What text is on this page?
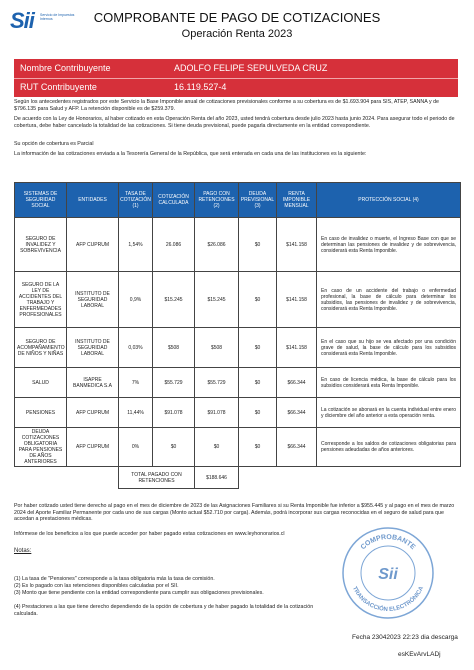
Sii Servicio de Impuestos Internos	COMPROBANTE DE PAGO DE COTIZACIONES
Operación Renta 2023
Nombre Contribuyente	ADOLFO FELIPE SEPULVEDA CRUZ
RUT Contribuyente	16.119.527-4
Según los antecedentes registrados por este Servicio la Base Imponible anual de cotizaciones previsionales conforme a su cobertura es de $1.693.904 para SIS, ATEP, SANNA y de $796.135 para Salud y AFP. La retención disponible es de $259.379.
De acuerdo con la Ley de Honorarios, al haber cotizado en esta Operación Renta del año 2023, usted tendrá cobertura desde julio 2023 hasta junio 2024. Para asegurar todo el periodo de cobertura, debe haber cancelado la totalidad de las cotizaciones. Si tiene deuda previsional, puede pagarla directamente en la entidad correspondiente.
Su opción de cobertura es Parcial
La información de las cotizaciones enviada a la Tesorería General de la República, que será enterada en cada una de las instituciones es la siguiente:
SISTEMAS DE SEGURIDAD SOCIAL	ENTIDADES	TASA DE COTIZACIÓN (1)	COTIZACIÓN CALCULADA	PAGO CON RETENCIONES (2)	DEUDA PREVISIONAL (3)	RENTA IMPONIBLE MENSUAL	PROTECCIÓN SOCIAL (4)
SEGURO DE INVALIDEZ Y SOBREVIVENCIA	AFP CUPRUM	1,54%	26.086	$26.086	$0	$141.158	En caso de invalidez o muerte, el Ingreso Base con que se determinan las pensiones de invalidez y de sobrevivencia, considerará esta Renta Imponible.
SEGURO DE LA LEY DE ACCIDENTES DEL TRABAJO Y ENFERMEDADES PROFESIONALES	INSTITUTO DE SEGURIDAD LABORAL	0,9%	$15.245	$15.245	$0	$141.158	En caso de un accidente del trabajo o enfermedad profesional, la base de cálculo para determinar los subsidios, las pensiones de invalidez y de sobrevivencia, considerará esta Renta Imponible.
SEGURO DE ACOMPAÑAMIENTO DE NIÑOS Y NIÑAS	INSTITUTO DE SEGURIDAD LABORAL	0,03%	$508	$508	$0	$141.158	En el caso que su hijo se vea afectado por una condición grave de salud, la base de cálculo para los subsidios considerará esta Renta Imponible.
SALUD	ISAPRE BANMEDICA S.A	7%	$55.729	$55.729	$0	$66.344	En caso de licencia médica, la base de cálculo para los subsidios considerará esta Renta Imponible.
PENSIONES	AFP CUPRUM	11,44%	$91.078	$91.078	$0	$66.344	La cotización se abonará en la cuenta individual entre enero y diciembre del año anterior a esta operación renta.
DEUDA COTIZACIONES OBLIGATORIA PARA PENSIONES DE AÑOS ANTERIORES	AFP CUPRUM	0%	$0	$0	$0	$66.344	Corresponde a los saldos de cotizaciones obligatorias para pensiones adeudadas de años anteriores.
		TOTAL PAGADO CON RETENCIONES		$188.646			
Por haber cotizado usted tiene derecho al pago en el mes de diciembre de 2023 de las Asignaciones Familiares si su Renta Imponible fue inferior a $955.445 y al pago en el mes de marzo 2024 del Aporte Familiar Permanente por cada uno de sus cargas (Monto actual $52.710 por carga). Además, podrá incorporar sus cargas reconocidas en el seguro de salud para que accedan a prestaciones médicas.
Infórmese de los beneficios a los que puede acceder por haber pagado estas cotizaciones en www.leyhonorarios.cl
Notas:
(1) La tasa de "Pensiones" corresponde a la tasa obligatoria más la tasa de comisión.
(2) Es lo pagado con las retenciones disponibles calculadas por el SII.
(3) Monto que tiene pendiente con la entidad correspondiente para cumplir sus obligaciones previsionales.
(4) Prestaciones a las que tiene derecho dependiendo de la opción de cobertura y de haber pagado la totalidad de la cotización calculada.
COMPROBANTE
TRANSACCIÓN ELECTRÓNICA
Sii
Fecha 23042023 22:23 dia descarga
esKEvArvLADj
